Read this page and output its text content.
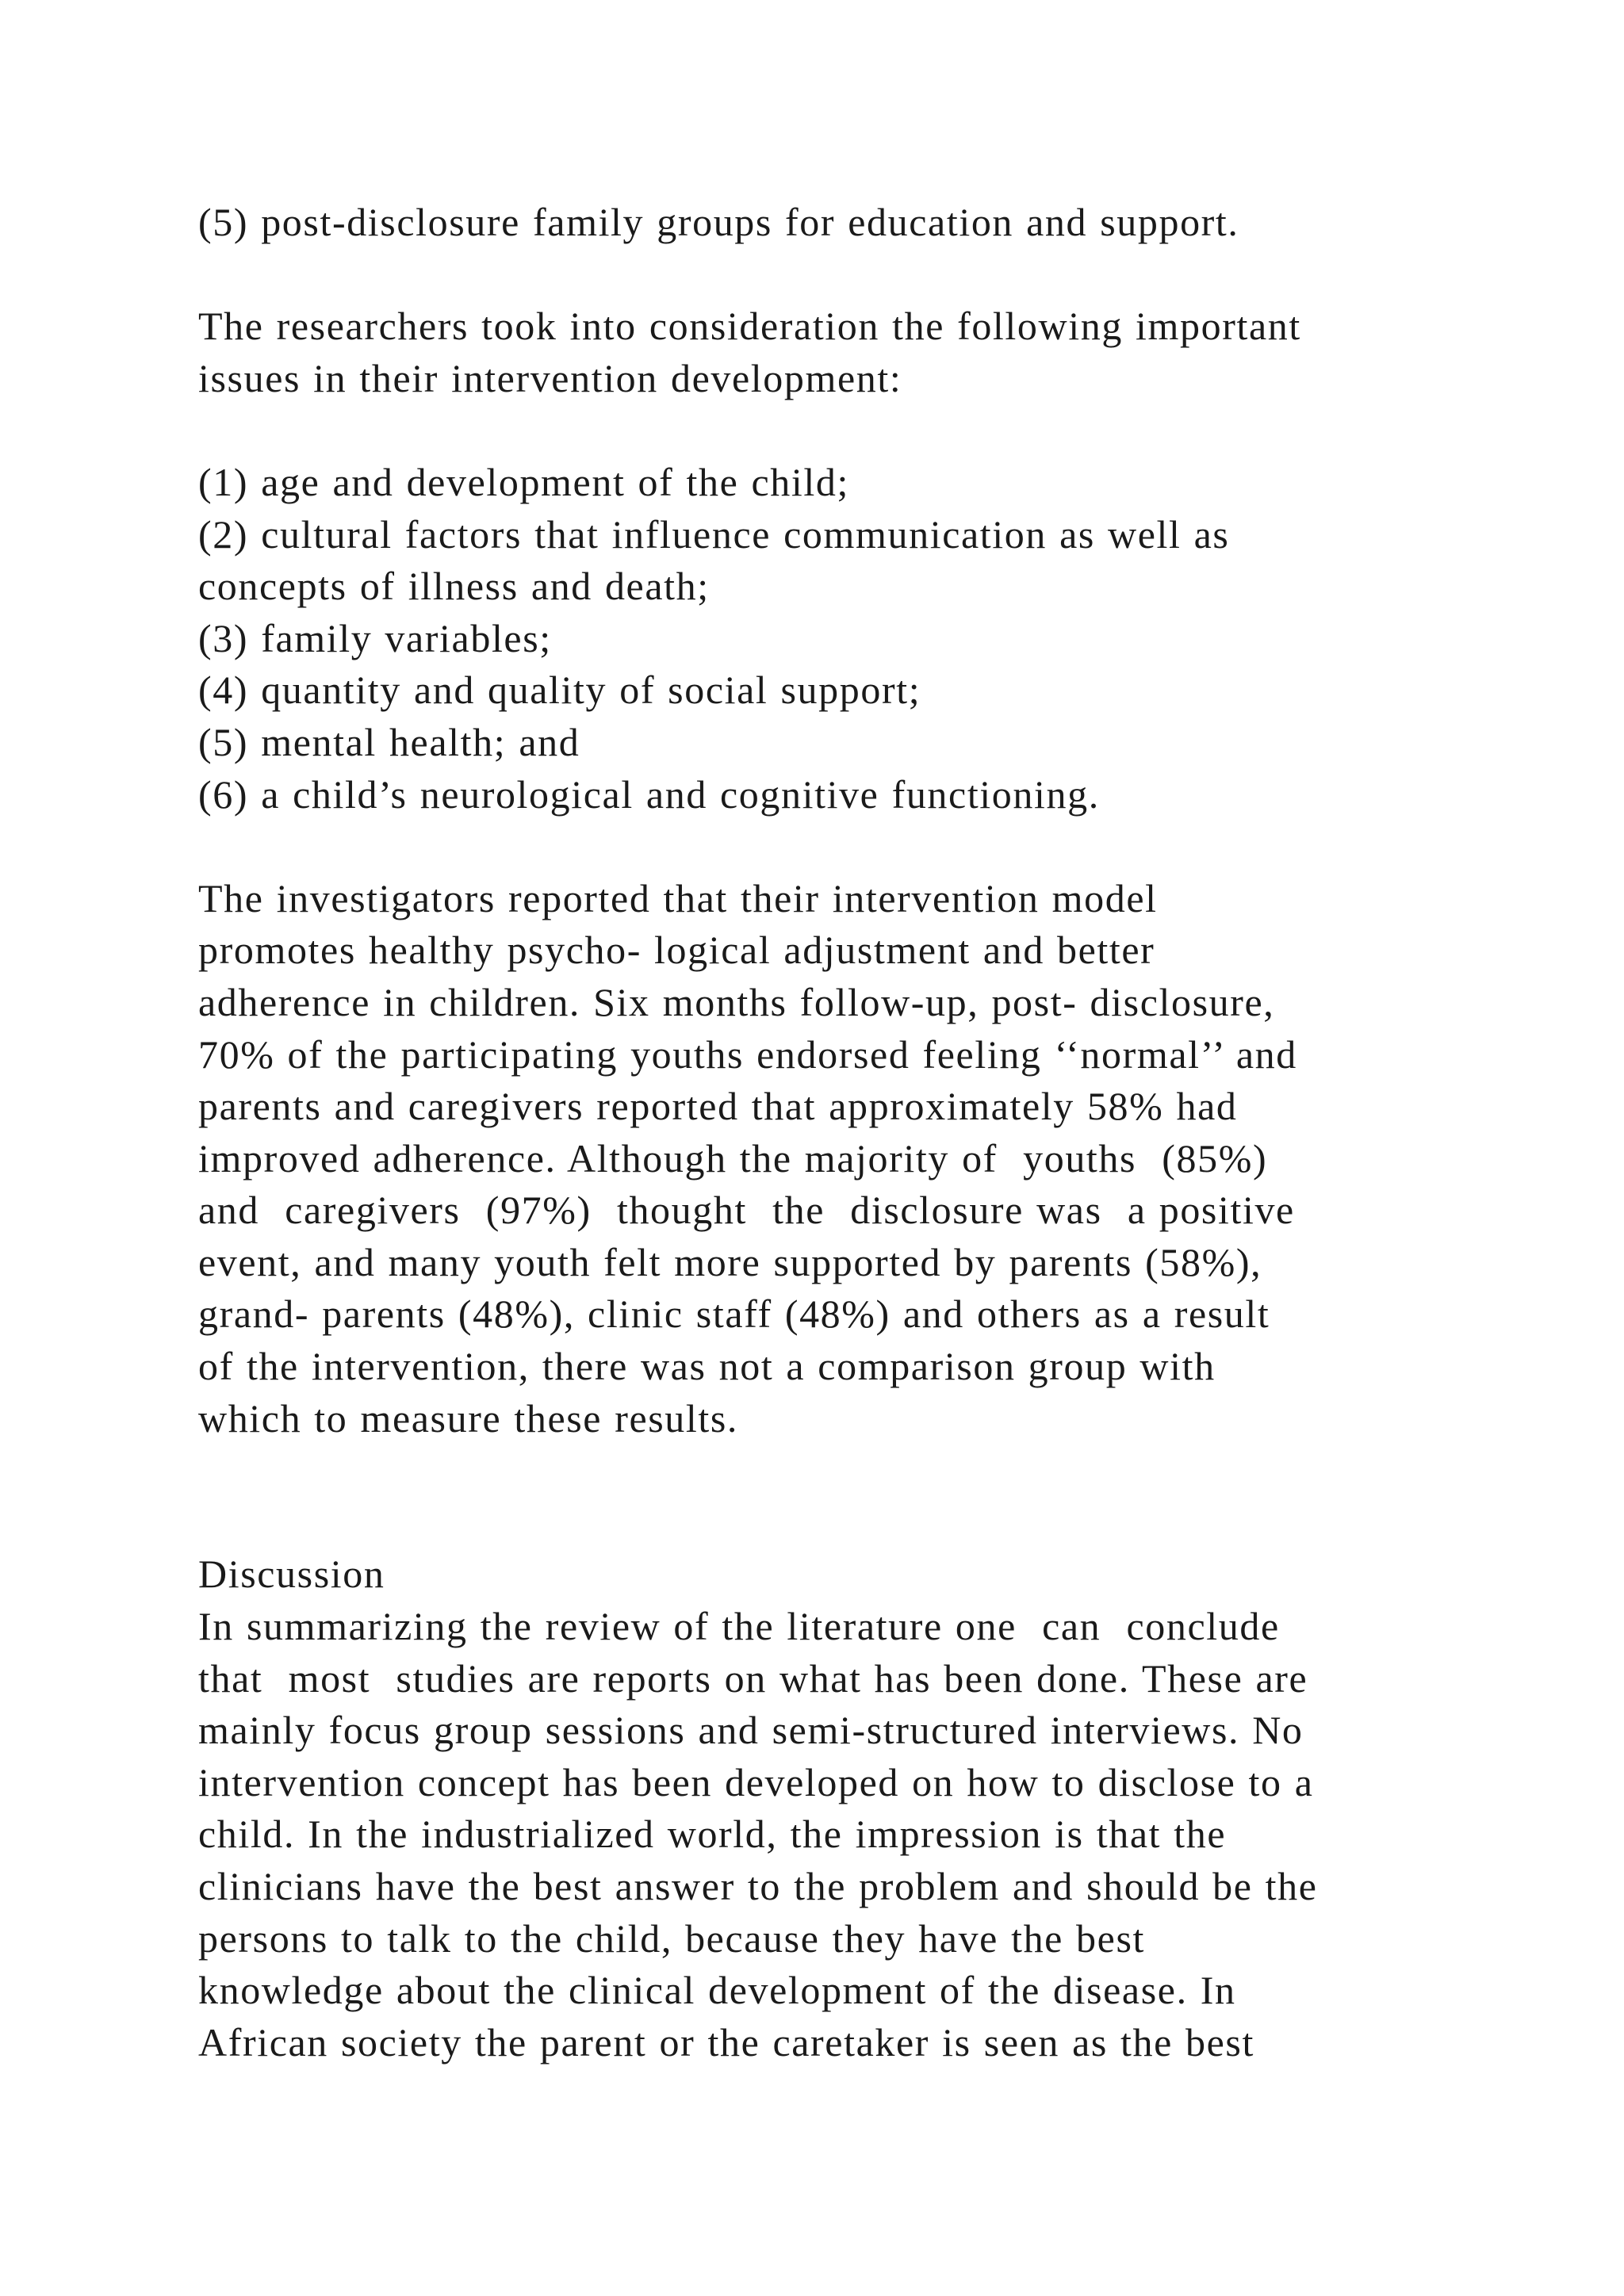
(5) post-disclosure family groups for education and support.
The researchers took into consideration the following important
issues in their intervention development:
(1) age and development of the child;
(2) cultural factors that influence communication as well as
concepts of illness and death;
(3) family variables;
(4) quantity and quality of social support;
(5) mental health; and
(6) a child’s neurological and cognitive functioning.
The investigators reported that their intervention model
promotes healthy psycho- logical adjustment and better
adherence in children. Six months follow-up, post- disclosure,
70% of the participating youths endorsed feeling ‘‘normal’’ and
parents and caregivers reported that approximately 58% had
improved adherence. Although the majority of  youths  (85%)
and  caregivers  (97%)  thought  the  disclosure was  a positive
event, and many youth felt more supported by parents (58%),
grand- parents (48%), clinic staff (48%) and others as a result
of the intervention, there was not a comparison group with
which to measure these results.
Discussion
In summarizing the review of the literature one  can  conclude
that  most  studies are reports on what has been done. These are
mainly focus group sessions and semi-structured interviews. No
intervention concept has been developed on how to disclose to a
child. In the industrialized world, the impression is that the
clinicians have the best answer to the problem and should be the
persons to talk to the child, because they have the best
knowledge about the clinical development of the disease. In
African society the parent or the caretaker is seen as the best
